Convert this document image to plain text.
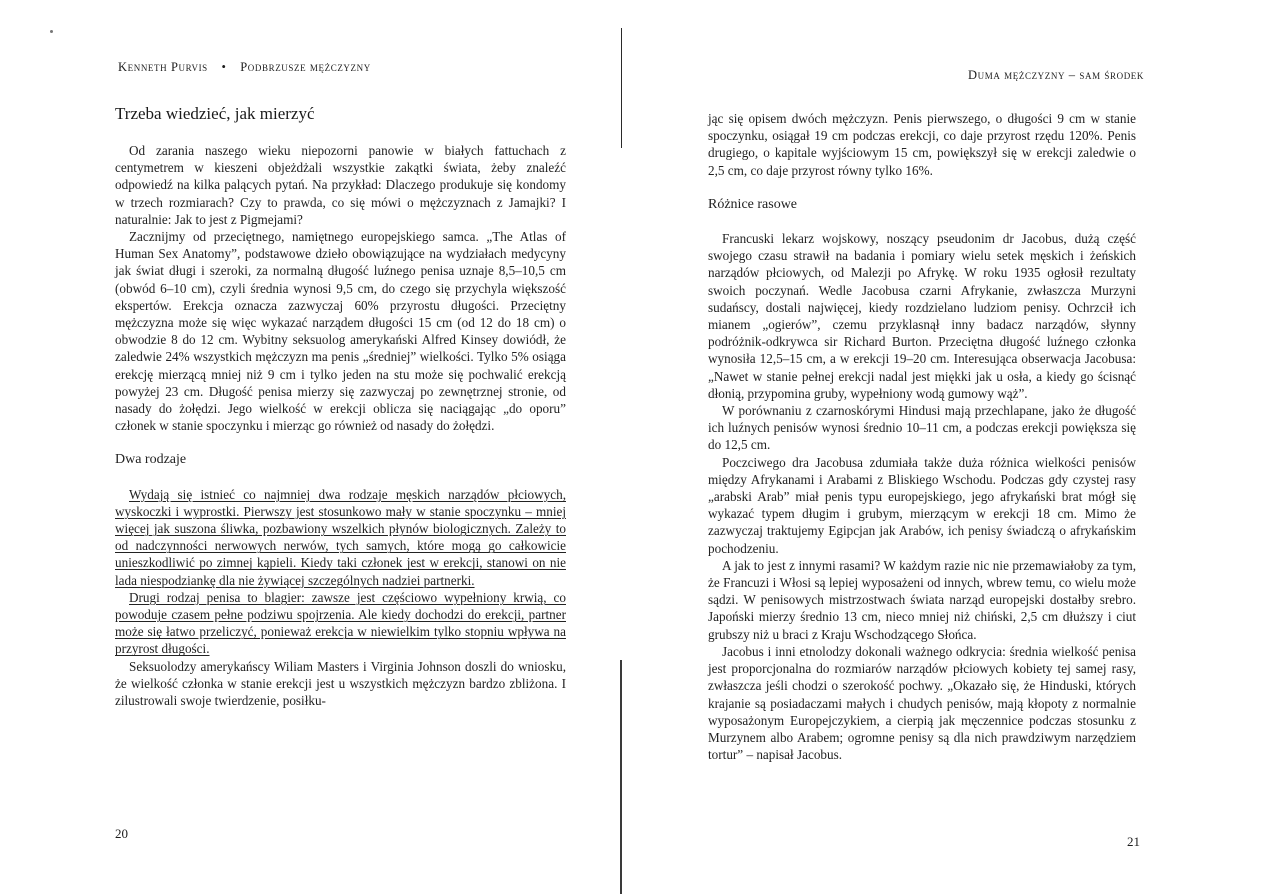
Kenneth Purvis • Podbrzusze mężczyzny
Trzeba wiedzieć, jak mierzyć

Od zarania naszego wieku niepozorni panowie w białych fattuchach z centymetrem w kieszeni objeżdżali wszystkie zakątki świata, żeby znaleźć odpowiedź na kilka palących pytań. Na przykład: Dlaczego produkuje się kondomy w trzech rozmiarach? Czy to prawda, co się mówi o mężczyznach z Jamajki? I naturalnie: Jak to jest z Pigmejami?

Zacznijmy od przeciętnego, namiętnego europejskiego samca. „The Atlas of Human Sex Anatomy”, podstawowe dzieło obowiązujące na wydziałach medycyny jak świat długi i szeroki, za normalną długość luźnego penisa uznaje 8,5–10,5 cm (obwód 6–10 cm), czyli średnia wynosi 9,5 cm, do czego się przychyla większość ekspertów. Erekcja oznacza zazwyczaj 60% przyrostu długości. Przeciętny mężczyzna może się więc wykazać narządem długości 15 cm (od 12 do 18 cm) o obwodzie 8 do 12 cm. Wybitny seksuolog amerykański Alfred Kinsey dowiódł, że zaledwie 24% wszystkich mężczyzn ma penis „średniej” wielkości. Tylko 5% osiąga erekcję mierzącą mniej niż 9 cm i tylko jeden na stu może się pochwalić erekcją powyżej 23 cm. Długość penisa mierzy się zazwyczaj po zewnętrznej stronie, od nasady do żołędzi. Jego wielkość w erekcji oblicza się naciągając „do oporu” członek w stanie spoczynku i mierząc go również od nasady do żołędzi.

Dwa rodzaje

Wydają się istnieć co najmniej dwa rodzaje męskich narządów płciowych, wyskoczki i wyprostki. Pierwszy jest stosunkowo mały w stanie spoczynku – mniej więcej jak suszona śliwka, pozbawiony wszelkich płynów biologicznych. Zależy to od nadczynności nerwowych nerwów, tych samych, które mogą go całkowicie unieszkodliwić po zimnej kąpieli. Kiedy taki członek jest w erekcji, stanowi on nie lada niespodziankę dla nie żywiącej szczególnych nadziei partnerki.

Drugi rodzaj penisa to blagier: zawsze jest częściowo wypełniony krwią, co powoduje czasem pełne podziwu spojrzenia. Ale kiedy dochodzi do erekcji, partner może się łatwo przeliczyć, ponieważ erekcja w niewielkim tylko stopniu wpływa na przyrost długości.

Seksuolodzy amerykańscy Wiliam Masters i Virginia Johnson doszli do wniosku, że wielkość członka w stanie erekcji jest u wszystkich mężczyzn bardzo zbliżona. I zilustrowali swoje twierdzenie, posiłku-

20
Duma mężczyzny – sam środek

jąc się opisem dwóch mężczyzn. Penis pierwszego, o długości 9 cm w stanie spoczynku, osiągał 19 cm podczas erekcji, co daje przyrost rzędu 120%. Penis drugiego, o kapitale wyjściowym 15 cm, powiększył się w erekcji zaledwie o 2,5 cm, co daje przyrost równy tylko 16%.

Różnice rasowe

Francuski lekarz wojskowy, noszący pseudonim dr Jacobus, dużą część swojego czasu strawił na badania i pomiary wielu setek męskich i żeńskich narządów płciowych, od Malezji po Afrykę. W roku 1935 ogłosił rezultaty swoich poczynań. Wedle Jacobusa czarni Afrykanie, zwłaszcza Murzyni sudańscy, dostali najwięcej, kiedy rozdzielano ludziom penisy. Ochrzcił ich mianem „ogierów”, czemu przyklasnął inny badacz narządów, słynny podróżnik-odkrywca sir Richard Burton. Przeciętna długość luźnego członka wynosiła 12,5–15 cm, a w erekcji 19–20 cm. Interesująca obserwacja Jacobusa: „Nawet w stanie pełnej erekcji nadal jest miękki jak u osła, a kiedy go ścisnąć dłonią, przypomina gruby, wypełniony wodą gumowy wąż”.

W porównaniu z czarnoskórymi Hindusi mają przechlapane, jako że długość ich luźnych penisów wynosi średnio 10–11 cm, a podczas erekcji powiększa się do 12,5 cm.

Poczciwego dra Jacobusa zdumiała także duża różnica wielkości penisów między Afrykanami i Arabami z Bliskiego Wschodu. Podczas gdy czystej rasy „arabski Arab” miał penis typu europejskiego, jego afrykański brat mógł się wykazać typem długim i grubym, mierzącym w erekcji 18 cm. Mimo że zazwyczaj traktujemy Egipcjan jak Arabów, ich penisy świadczą o afrykańskim pochodzeniu.

A jak to jest z innymi rasami? W każdym razie nic nie przemawiałoby za tym, że Francuzi i Włosi są lepiej wyposażeni od innych, wbrew temu, co wielu może sądzi. W penisowych mistrzostwach świata narząd europejski dostałby srebro. Japoński mierzy średnio 13 cm, nieco mniej niż chiński, 2,5 cm dłuższy i ciut grubszy niż u braci z Kraju Wschodzącego Słońca.

Jacobus i inni etnolodzy dokonali ważnego odkrycia: średnia wielkość penisa jest proporcjonalna do rozmiarów narządów płciowych kobiety tej samej rasy, zwłaszcza jeśli chodzi o szerokość pochwy. „Okazało się, że Hinduski, których krajanie są posiadaczami małych i chudych penisów, mają kłopoty z normalnie wyposażonym Europejczykiem, a cierpią jak męczennice podczas stosunku z Murzynem albo Arabem; ogromne penisy są dla nich prawdziwym narzędziem tortur” – napisał Jacobus.

21
